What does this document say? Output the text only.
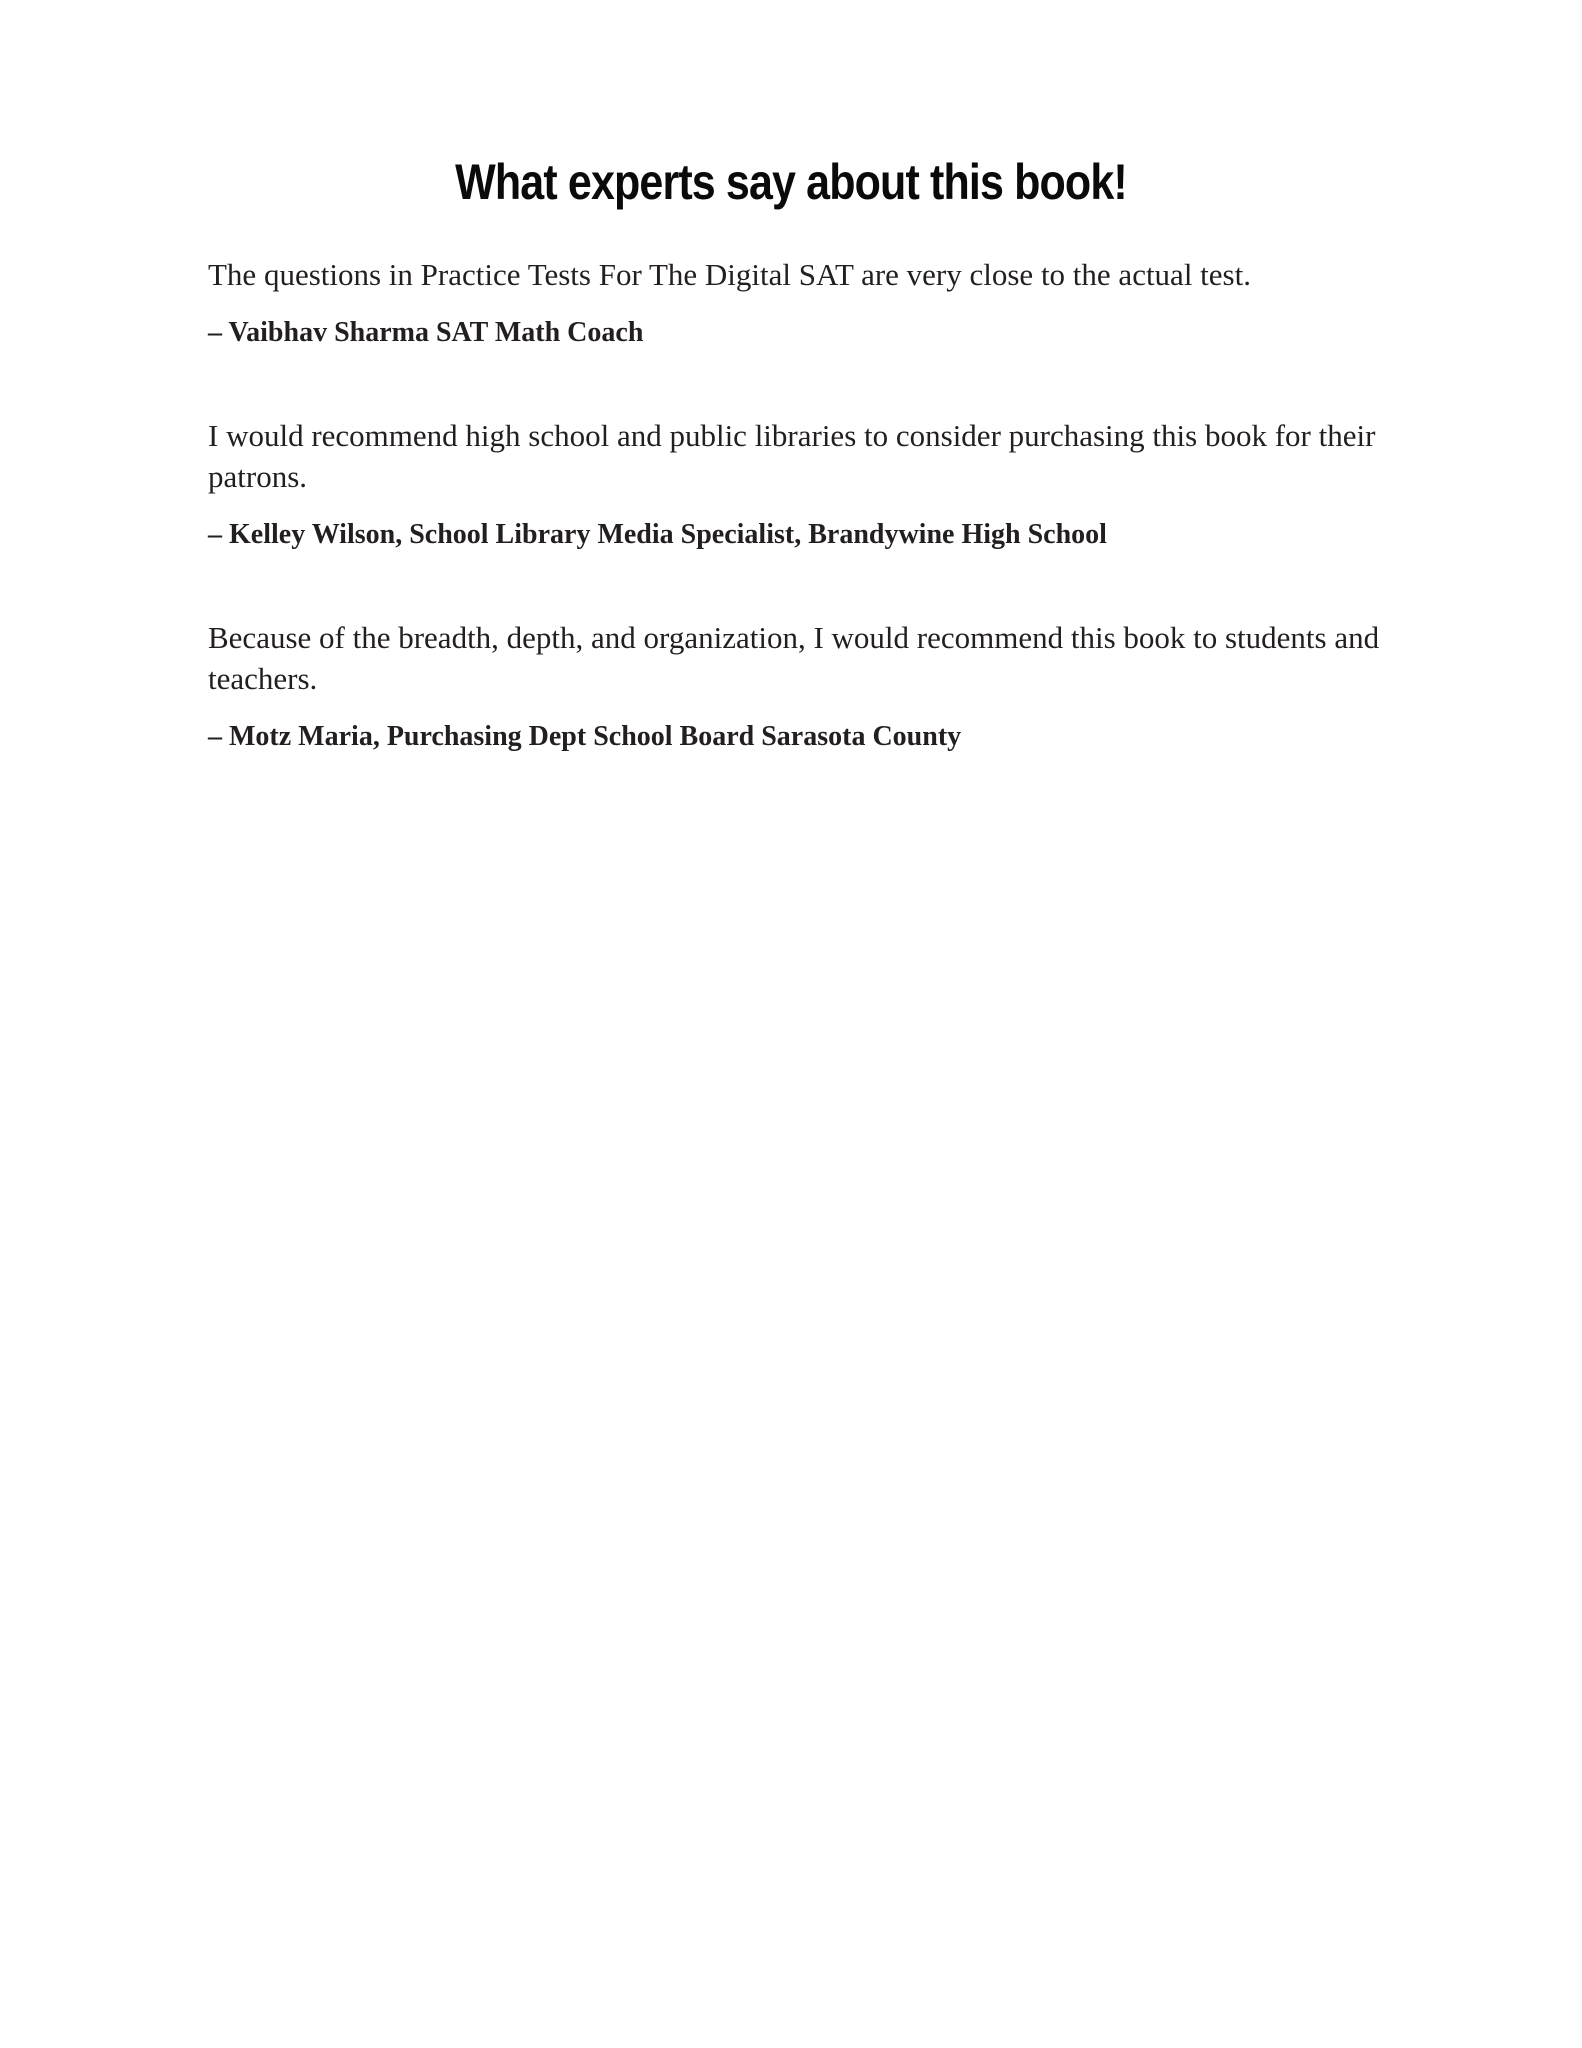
What experts say about this book!

The questions in Practice Tests For The Digital SAT are very close to the actual test.

– Vaibhav Sharma SAT Math Coach

I would recommend high school and public libraries to consider purchasing this book for their patrons.

– Kelley Wilson, School Library Media Specialist, Brandywine High School

Because of the breadth, depth, and organization, I would recommend this book to students and teachers.

– Motz Maria, Purchasing Dept School Board Sarasota County
